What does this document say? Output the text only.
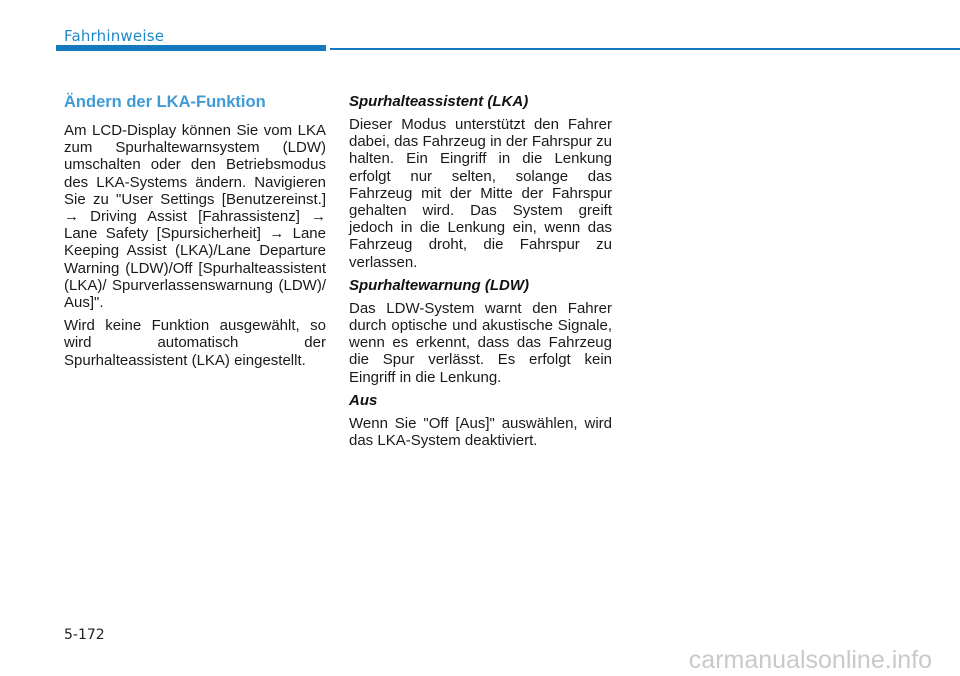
Fahrhinweise
Ändern der LKA-Funktion

Am LCD-Display können Sie vom LKA zum Spurhaltewarnsystem (LDW) umschalten oder den Betriebsmodus des LKA-Systems ändern. Navigieren Sie zu "User Settings [Benutzereinst.] → Driving Assist [Fahrassistenz] → Lane Safety [Spursicherheit] → Lane Keeping Assist (LKA)/Lane Departure Warning (LDW)/Off [Spurhalteassistent (LKA)/ Spurverlassenswarnung (LDW)/ Aus]".

Wird keine Funktion ausgewählt, so wird automatisch der Spurhalteassistent (LKA) eingestellt.

Spurhalteassistent (LKA)

Dieser Modus unterstützt den Fahrer dabei, das Fahrzeug in der Fahrspur zu halten. Ein Eingriff in die Lenkung erfolgt nur selten, solange das Fahrzeug mit der Mitte der Fahrspur gehalten wird. Das System greift jedoch in die Lenkung ein, wenn das Fahrzeug droht, die Fahrspur zu verlassen.

Spurhaltewarnung (LDW)

Das LDW-System warnt den Fahrer durch optische und akustische Signale, wenn es erkennt, dass das Fahrzeug die Spur verlässt. Es erfolgt kein Eingriff in die Lenkung.

Aus

Wenn Sie "Off [Aus]" auswählen, wird das LKA-System deaktiviert.

5-172
carmanualsonline.info
